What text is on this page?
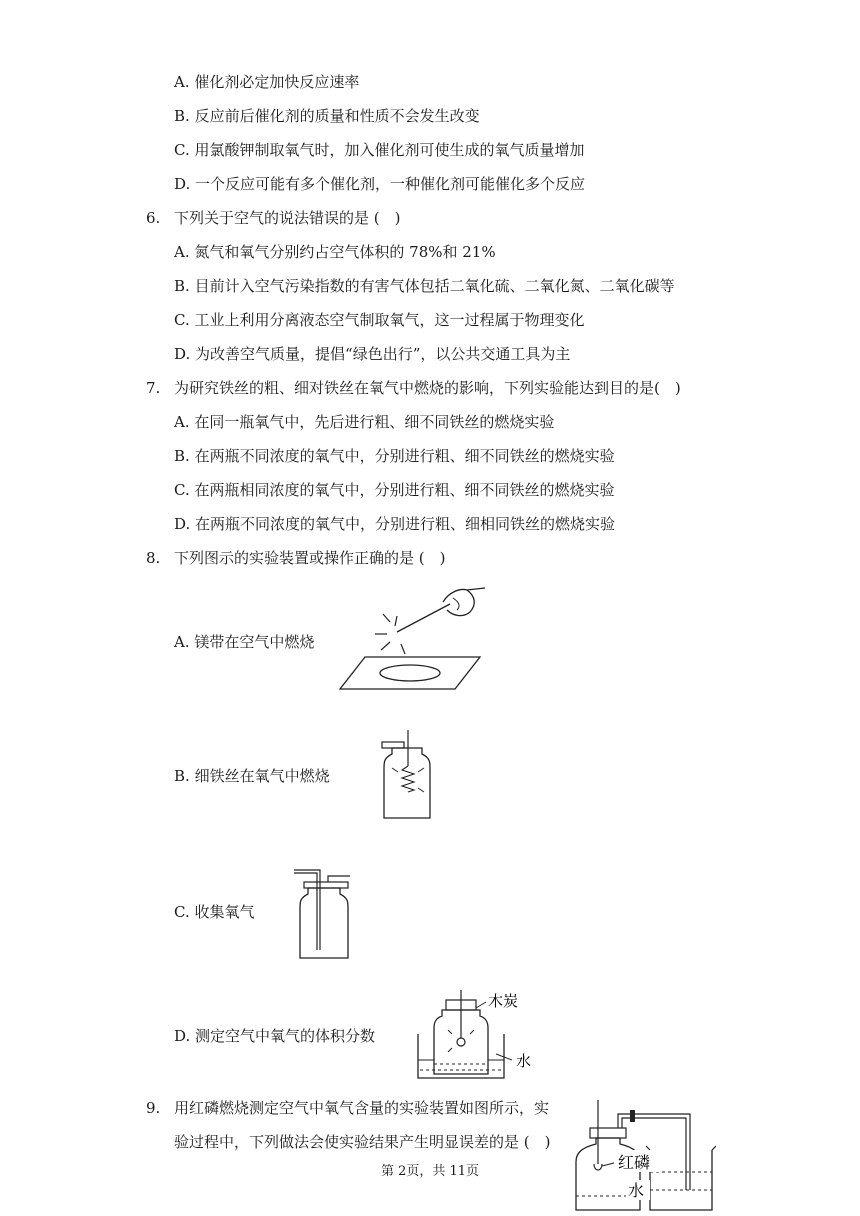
A. 催化剂必定加快反应速率
B. 反应前后催化剂的质量和性质不会发生改变
C. 用氯酸钾制取氧气时，加入催化剂可使生成的氧气质量增加
D. 一个反应可能有多个催化剂，一种催化剂可能催化多个反应
6. 下列关于空气的说法错误的是 (　)
A. 氮气和氧气分别约占空气体积的 78%和 21%
B. 目前计入空气污染指数的有害气体包括二氧化硫、二氧化氮、二氧化碳等
C. 工业上利用分离液态空气制取氧气，这一过程属于物理变化
D. 为改善空气质量，提倡“绿色出行”，以公共交通工具为主
7. 为研究铁丝的粗、细对铁丝在氧气中燃烧的影响，下列实验能达到目的是(　)
A. 在同一瓶氧气中，先后进行粗、细不同铁丝的燃烧实验
B. 在两瓶不同浓度的氧气中，分别进行粗、细不同铁丝的燃烧实验
C. 在两瓶相同浓度的氧气中，分别进行粗、细不同铁丝的燃烧实验
D. 在两瓶不同浓度的氧气中，分别进行粗、细相同铁丝的燃烧实验
8. 下列图示的实验装置或操作正确的是 (　)
A. 镁带在空气中燃烧
B. 细铁丝在氧气中燃烧
C. 收集氧气
D. 测定空气中氧气的体积分数
木炭
水
9. 用红磷燃烧测定空气中氧气含量的实验装置如图所示，实
验过程中，下列做法会使实验结果产生明显误差的是 (　)
红磷
水
第 2页，共 11页
